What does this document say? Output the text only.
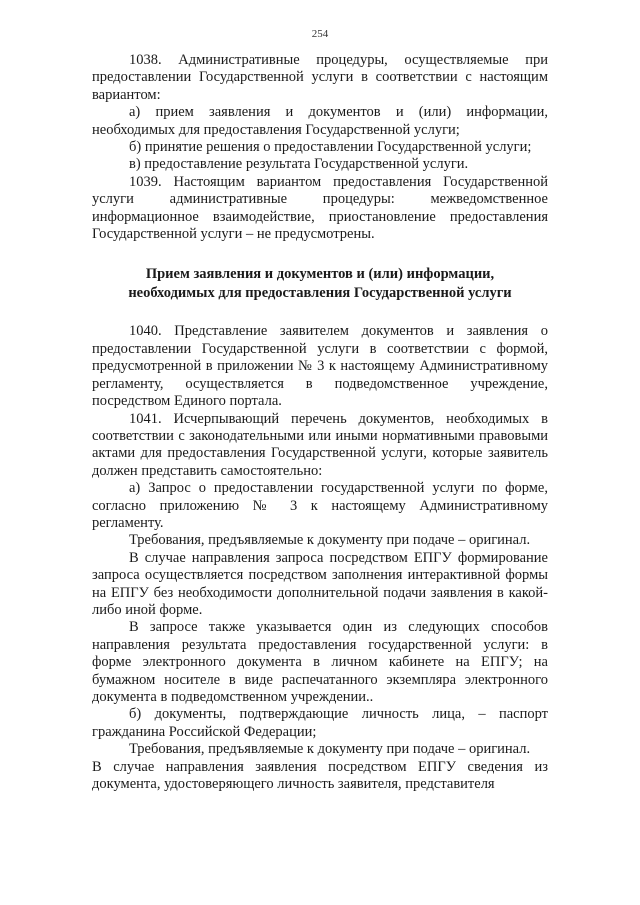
254

1038. Административные процедуры, осуществляемые при предоставлении Государственной услуги в соответствии с настоящим вариантом:

а) прием заявления и документов и (или) информации, необходимых для предоставления Государственной услуги;

б) принятие решения о предоставлении Государственной услуги;

в) предоставление результата Государственной услуги.

1039. Настоящим вариантом предоставления Государственной услуги административные процедуры: межведомственное информационное взаимодействие, приостановление предоставления Государственной услуги – не предусмотрены.

Прием заявления и документов и (или) информации,
необходимых для предоставления Государственной услуги

1040. Представление заявителем документов и заявления о предоставлении Государственной услуги в соответствии с формой, предусмотренной в приложении № 3 к настоящему Административному регламенту, осуществляется в подведомственное учреждение, посредством Единого портала.

1041. Исчерпывающий перечень документов, необходимых в соответствии с законодательными или иными нормативными правовыми актами для предоставления Государственной услуги, которые заявитель должен представить самостоятельно:

а) Запрос о предоставлении государственной услуги по форме, согласно приложению № 3 к настоящему Административному регламенту.

Требования, предъявляемые к документу при подаче – оригинал.

В случае направления запроса посредством ЕПГУ формирование запроса осуществляется посредством заполнения интерактивной формы на ЕПГУ без необходимости дополнительной подачи заявления в какой-либо иной форме.

В запросе также указывается один из следующих способов направления результата предоставления государственной услуги: в форме электронного документа в личном кабинете на ЕПГУ; на бумажном носителе в виде распечатанного экземпляра электронного документа в подведомственном учреждении..

б) документы, подтверждающие личность лица, – паспорт гражданина Российской Федерации;

Требования, предъявляемые к документу при подаче – оригинал.

В случае направления заявления посредством ЕПГУ сведения из документа, удостоверяющего личность заявителя, представителя
